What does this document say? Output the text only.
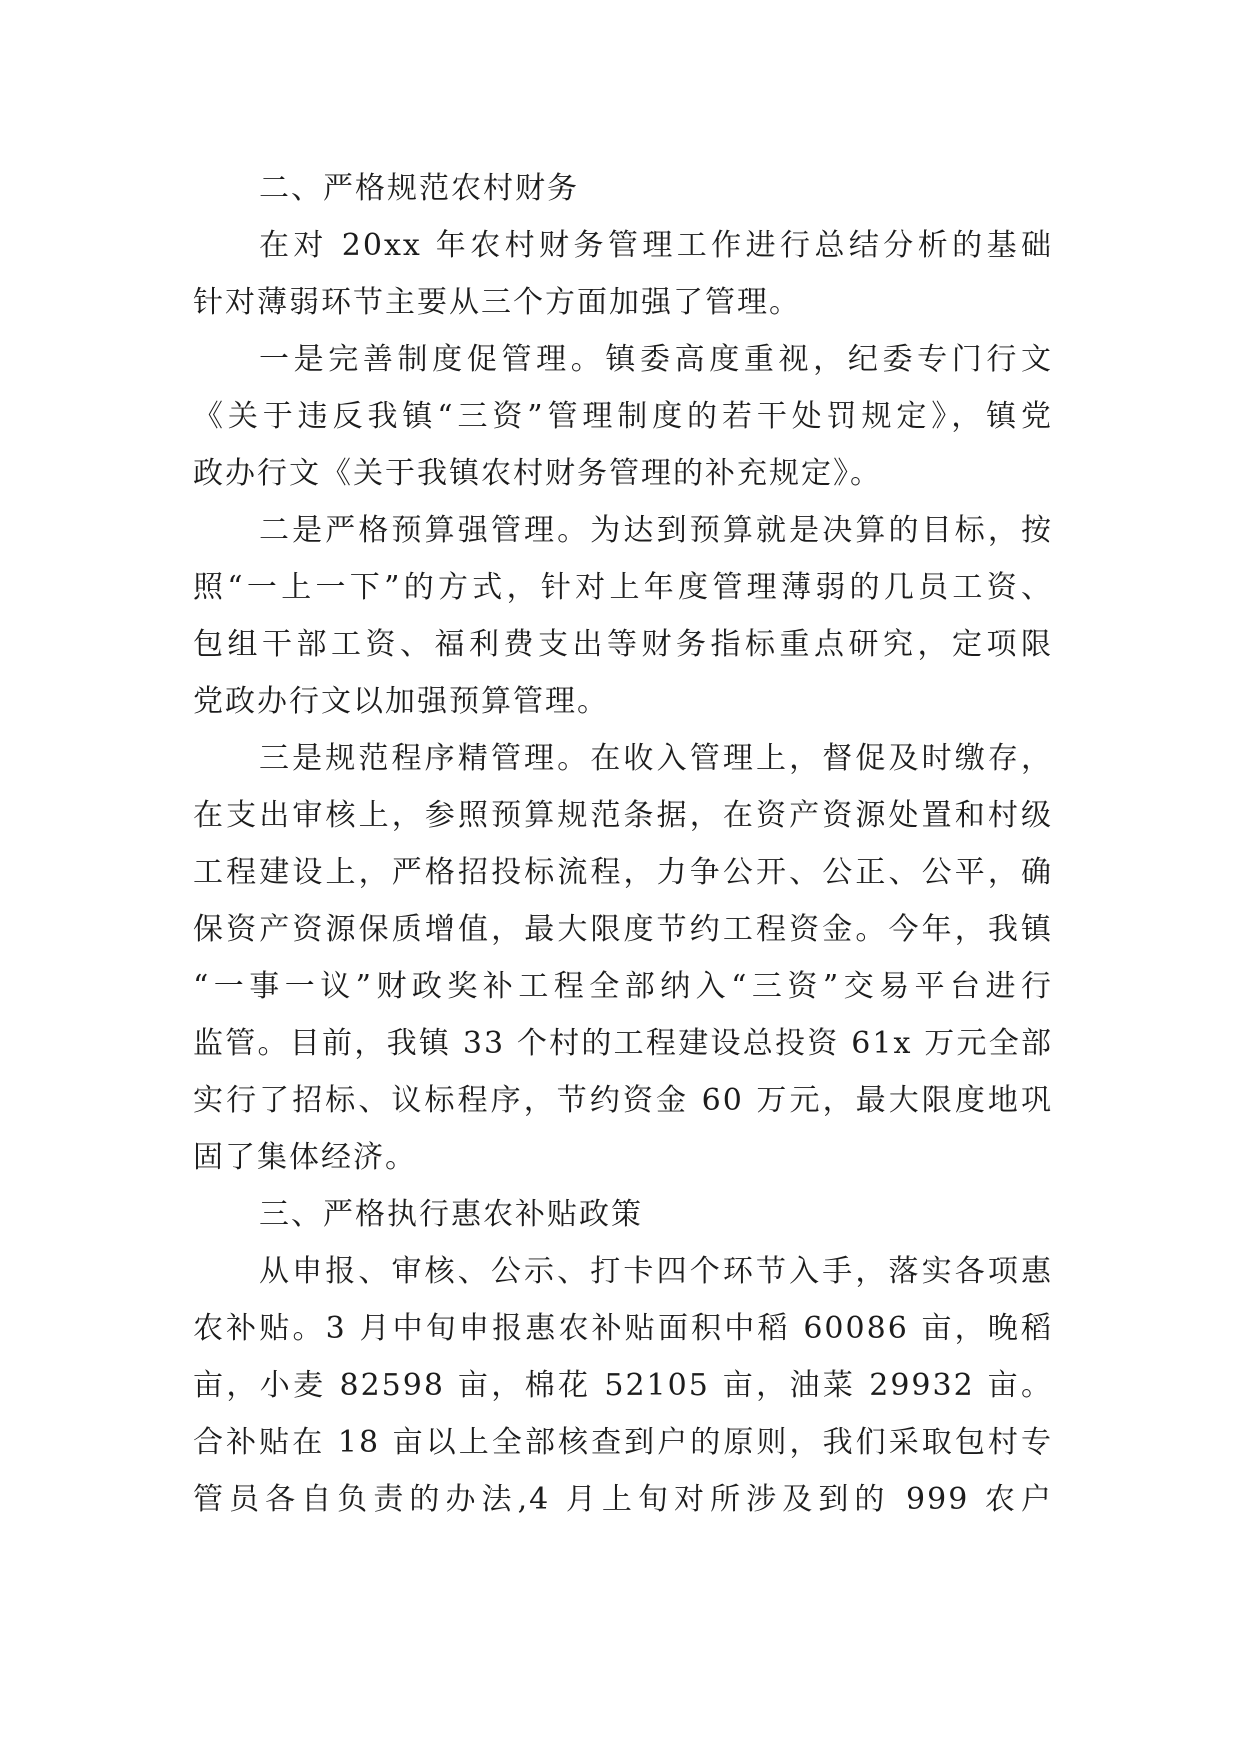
二、严格规范农村财务
在对 20xx 年农村财务管理工作进行总结分析的基础
针对薄弱环节主要从三个方面加强了管理。
一是完善制度促管理。镇委高度重视，纪委专门行文
《关于违反我镇“三资”管理制度的若干处罚规定》，镇党
政办行文《关于我镇农村财务管理的补充规定》。
二是严格预算强管理。为达到预算就是决算的目标，按
照“一上一下”的方式，针对上年度管理薄弱的几员工资、
包组干部工资、福利费支出等财务指标重点研究，定项限
党政办行文以加强预算管理。
三是规范程序精管理。在收入管理上，督促及时缴存，
在支出审核上，参照预算规范条据，在资产资源处置和村级
工程建设上，严格招投标流程，力争公开、公正、公平，确
保资产资源保质增值，最大限度节约工程资金。今年，我镇
“一事一议”财政奖补工程全部纳入“三资”交易平台进行
监管。目前，我镇 33 个村的工程建设总投资 61x 万元全部
实行了招标、议标程序，节约资金 60 万元，最大限度地巩
固了集体经济。
三、严格执行惠农补贴政策
从申报、审核、公示、打卡四个环节入手，落实各项惠
农补贴。3 月中旬申报惠农补贴面积中稻 60086 亩，晚稻
亩，小麦 82598 亩，棉花 52105 亩，油菜 29932 亩。
合补贴在 18 亩以上全部核查到户的原则，我们采取包村专
管员各自负责的办法,4 月上旬对所涉及到的 999 农户
